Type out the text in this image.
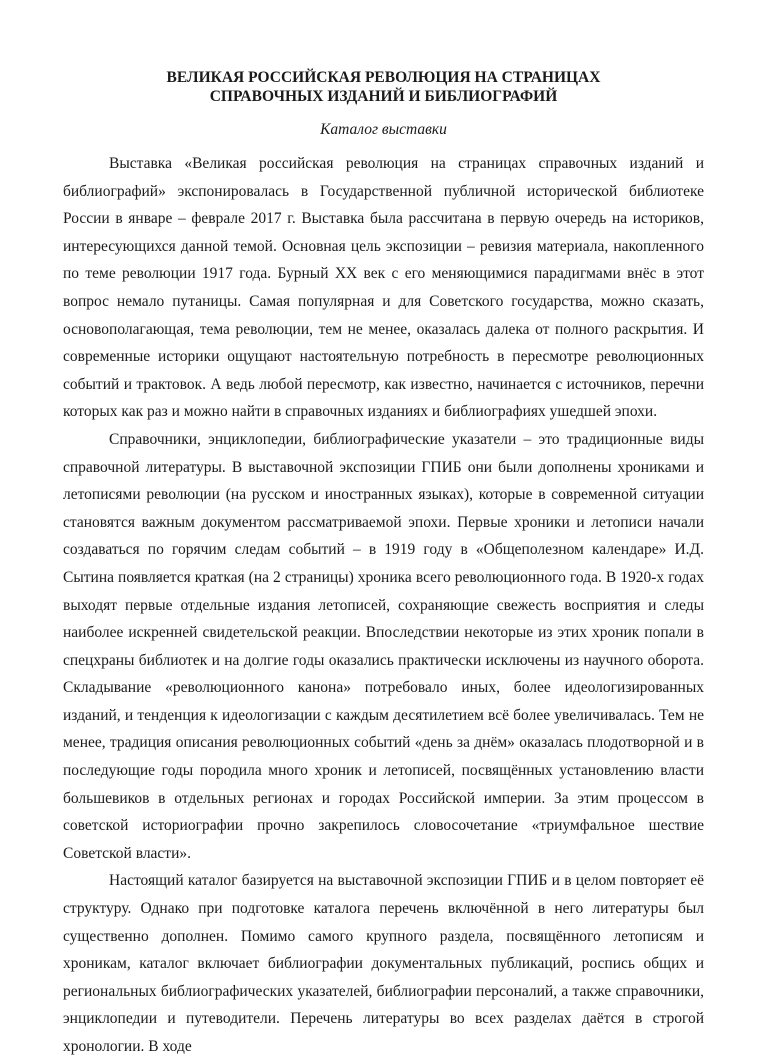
ВЕЛИКАЯ РОССИЙСКАЯ РЕВОЛЮЦИЯ НА СТРАНИЦАХ
СПРАВОЧНЫХ ИЗДАНИЙ И БИБЛИОГРАФИЙ

Каталог выставки

Выставка «Великая российская революция на страницах справочных изданий и библиографий» экспонировалась в Государственной публичной исторической библиотеке России в январе – феврале 2017 г. Выставка была рассчитана в первую очередь на историков, интересующихся данной темой. Основная цель экспозиции – ревизия материала, накопленного по теме революции 1917 года. Бурный XX век с его меняющимися парадигмами внёс в этот вопрос немало путаницы. Самая популярная и для Советского государства, можно сказать, основополагающая, тема революции, тем не менее, оказалась далека от полного раскрытия. И современные историки ощущают настоятельную потребность в пересмотре революционных событий и трактовок. А ведь любой пересмотр, как известно, начинается с источников, перечни которых как раз и можно найти в справочных изданиях и библиографиях ушедшей эпохи.

Справочники, энциклопедии, библиографические указатели – это традиционные виды справочной литературы. В выставочной экспозиции ГПИБ они были дополнены хрониками и летописями революции (на русском и иностранных языках), которые в современной ситуации становятся важным документом рассматриваемой эпохи. Первые хроники и летописи начали создаваться по горячим следам событий – в 1919 году в «Общеполезном календаре» И.Д. Сытина появляется краткая (на 2 страницы) хроника всего революционного года. В 1920-х годах выходят первые отдельные издания летописей, сохраняющие свежесть восприятия и следы наиболее искренней свидетельской реакции. Впоследствии некоторые из этих хроник попали в спецхраны библиотек и на долгие годы оказались практически исключены из научного оборота. Складывание «революционного канона» потребовало иных, более идеологизированных изданий, и тенденция к идеологизации с каждым десятилетием всё более увеличивалась. Тем не менее, традиция описания революционных событий «день за днём» оказалась плодотворной и в последующие годы породила много хроник и летописей, посвящённых установлению власти большевиков в отдельных регионах и городах Российской империи. За этим процессом в советской историографии прочно закрепилось словосочетание «триумфальное шествие Советской власти».

Настоящий каталог базируется на выставочной экспозиции ГПИБ и в целом повторяет её структуру. Однако при подготовке каталога перечень включённой в него литературы был существенно дополнен. Помимо самого крупного раздела, посвящённого летописям и хроникам, каталог включает библиографии документальных публикаций, роспись общих и региональных библиографических указателей, библиографии персоналий, а также справочники, энциклопедии и путеводители. Перечень литературы во всех разделах даётся в строгой хронологии. В ходе
